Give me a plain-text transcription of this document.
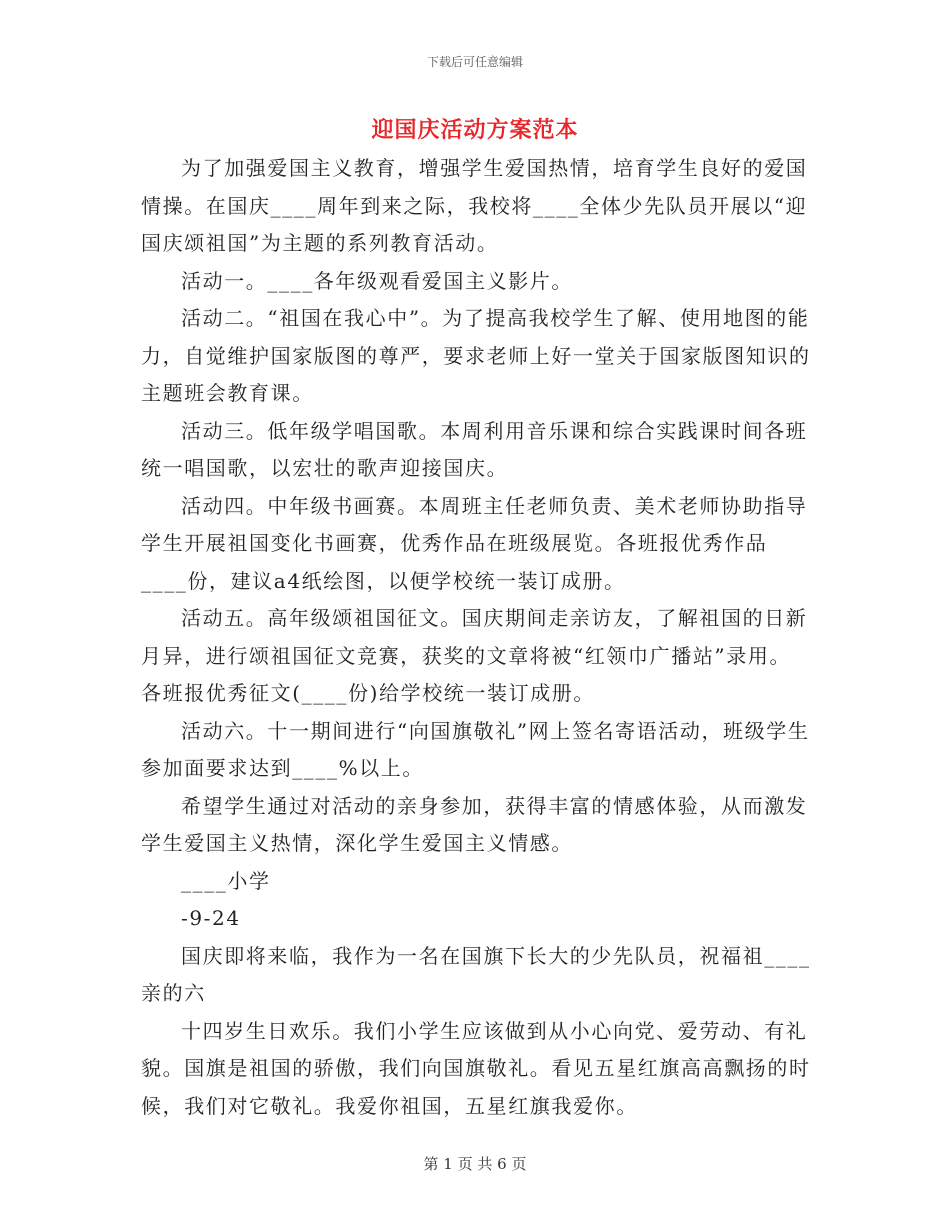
下载后可任意编辑
迎国庆活动方案范本

为了加强爱国主义教育，增强学生爱国热情，培育学生良好的爱国情操。在国庆____周年到来之际，我校将____全体少先队员开展以“迎国庆颂祖国”为主题的系列教育活动。

活动一。____各年级观看爱国主义影片。

活动二。“祖国在我心中”。为了提高我校学生了解、使用地图的能力，自觉维护国家版图的尊严，要求老师上好一堂关于国家版图知识的主题班会教育课。

活动三。低年级学唱国歌。本周利用音乐课和综合实践课时间各班统一唱国歌，以宏壮的歌声迎接国庆。

活动四。中年级书画赛。本周班主任老师负责、美术老师协助指导学生开展祖国变化书画赛，优秀作品在班级展览。各班报优秀作品____份，建议a4纸绘图，以便学校统一装订成册。

活动五。高年级颂祖国征文。国庆期间走亲访友，了解祖国的日新月异，进行颂祖国征文竞赛，获奖的文章将被“红领巾广播站”录用。各班报优秀征文(____份)给学校统一装订成册。

活动六。十一期间进行“向国旗敬礼”网上签名寄语活动，班级学生参加面要求达到____%以上。

希望学生通过对活动的亲身参加，获得丰富的情感体验，从而激发学生爱国主义热情，深化学生爱国主义情感。

____小学

-9-24

国庆即将来临，我作为一名在国旗下长大的少先队员，祝福祖____亲的六

十四岁生日欢乐。我们小学生应该做到从小心向党、爱劳动、有礼貌。国旗是祖国的骄傲，我们向国旗敬礼。看见五星红旗高高飘扬的时候，我们对它敬礼。我爱你祖国，五星红旗我爱你。

第 1 页 共 6 页
